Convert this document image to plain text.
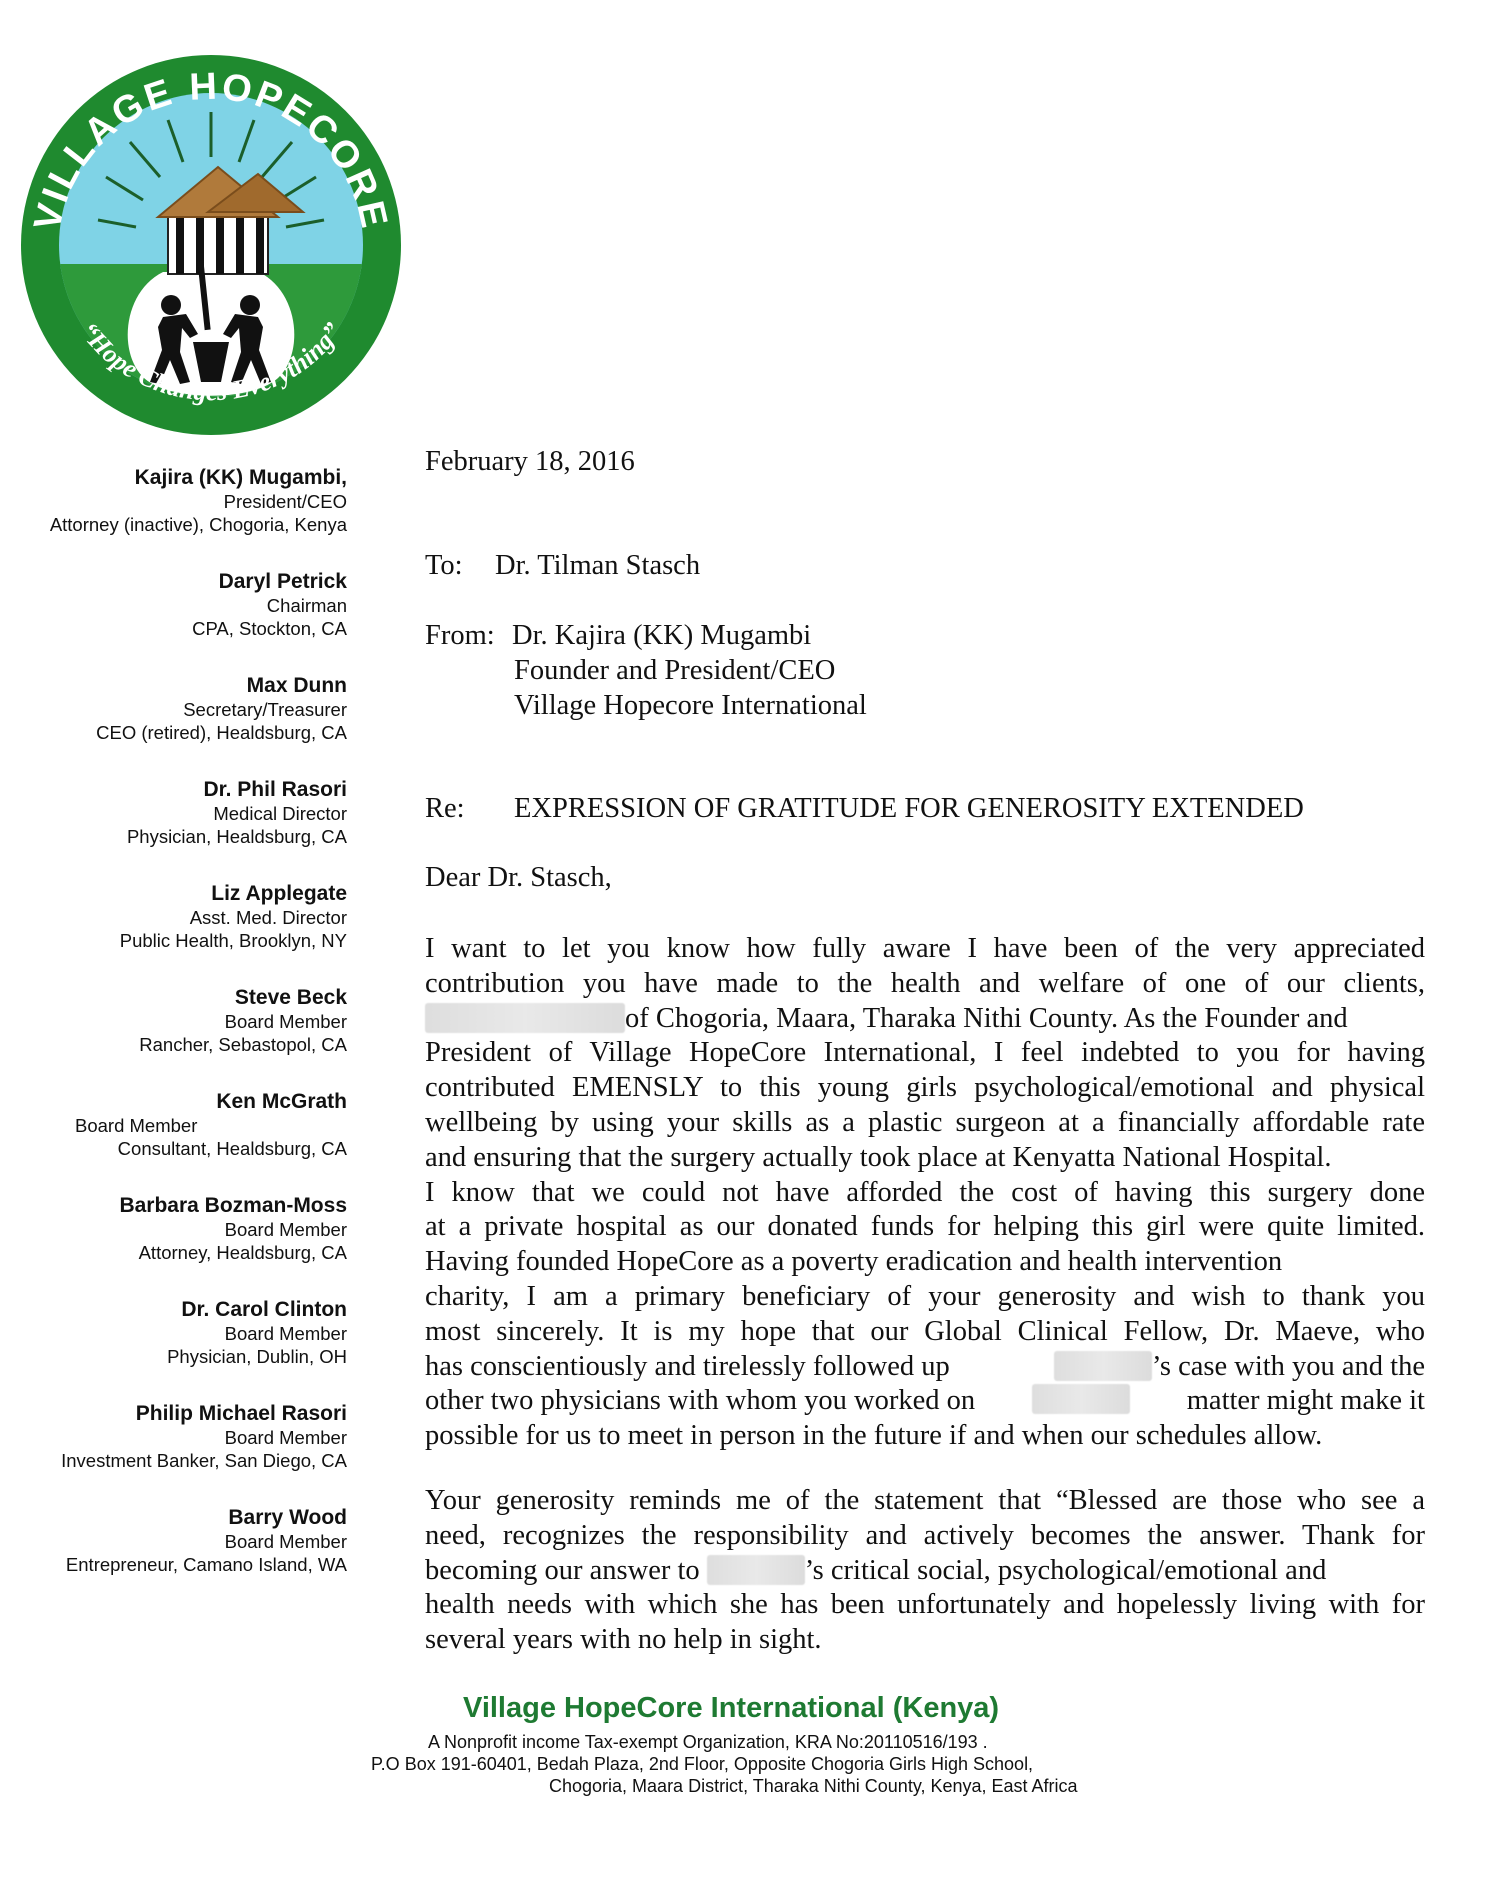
VILLAGE HOPECORE
“Hope Changes Everything”
Kajira (KK) Mugambi,
President/CEO
Attorney (inactive), Chogoria, Kenya
Daryl Petrick
Chairman
CPA, Stockton, CA
Max Dunn
Secretary/Treasurer
CEO (retired), Healdsburg, CA
Dr. Phil Rasori
Medical Director
Physician, Healdsburg, CA
Liz Applegate
Asst. Med. Director
Public Health, Brooklyn, NY
Steve Beck
Board Member
Rancher, Sebastopol, CA
Ken McGrath
Board Member
Consultant, Healdsburg, CA
Barbara Bozman-Moss
Board Member
Attorney, Healdsburg, CA
Dr. Carol Clinton
Board Member
Physician, Dublin, OH
Philip Michael Rasori
Board Member
Investment Banker, San Diego, CA
Barry Wood
Board Member
Entrepreneur, Camano Island, WA
February 18, 2016
To: Dr. Tilman Stasch
From: Dr. Kajira (KK) Mugambi
Founder and President/CEO
Village Hopecore International
Re: EXPRESSION OF GRATITUDE FOR GENEROSITY EXTENDED
Dear Dr. Stasch,
I want to let you know how fully aware I have been of the very appreciated
contribution you have made to the health and welfare of one of our clients,
of Chogoria, Maara, Tharaka Nithi County. As the Founder and
President of Village HopeCore International, I feel indebted to you for having
contributed EMENSLY to this young girls psychological/emotional and physical
wellbeing by using your skills as a plastic surgeon at a financially affordable rate
and ensuring that the surgery actually took place at Kenyatta National Hospital.
I know that we could not have afforded the cost of having this surgery done
at a private hospital as our donated funds for helping this girl were quite limited.
Having founded HopeCore as a poverty eradication and health intervention
charity, I am a primary beneficiary of your generosity and wish to thank you
most sincerely. It is my hope that our Global Clinical Fellow, Dr. Maeve, who
has conscientiously and tirelessly followed up	’s case with you and the
other two physicians with whom you worked on	matter might make it
possible for us to meet in person in the future if and when our schedules allow.
Your generosity reminds me of the statement that “Blessed are those who see a
need, recognizes the responsibility and actively becomes the answer. Thank for
becoming our answer to	’s critical social, psychological/emotional and
health needs with which she has been unfortunately and hopelessly living with for
several years with no help in sight.
Village HopeCore International (Kenya)
A Nonprofit income Tax-exempt Organization, KRA No:20110516/193 .
P.O Box 191-60401, Bedah Plaza, 2nd Floor, Opposite Chogoria Girls High School,
Chogoria, Maara District, Tharaka Nithi County, Kenya, East Africa
